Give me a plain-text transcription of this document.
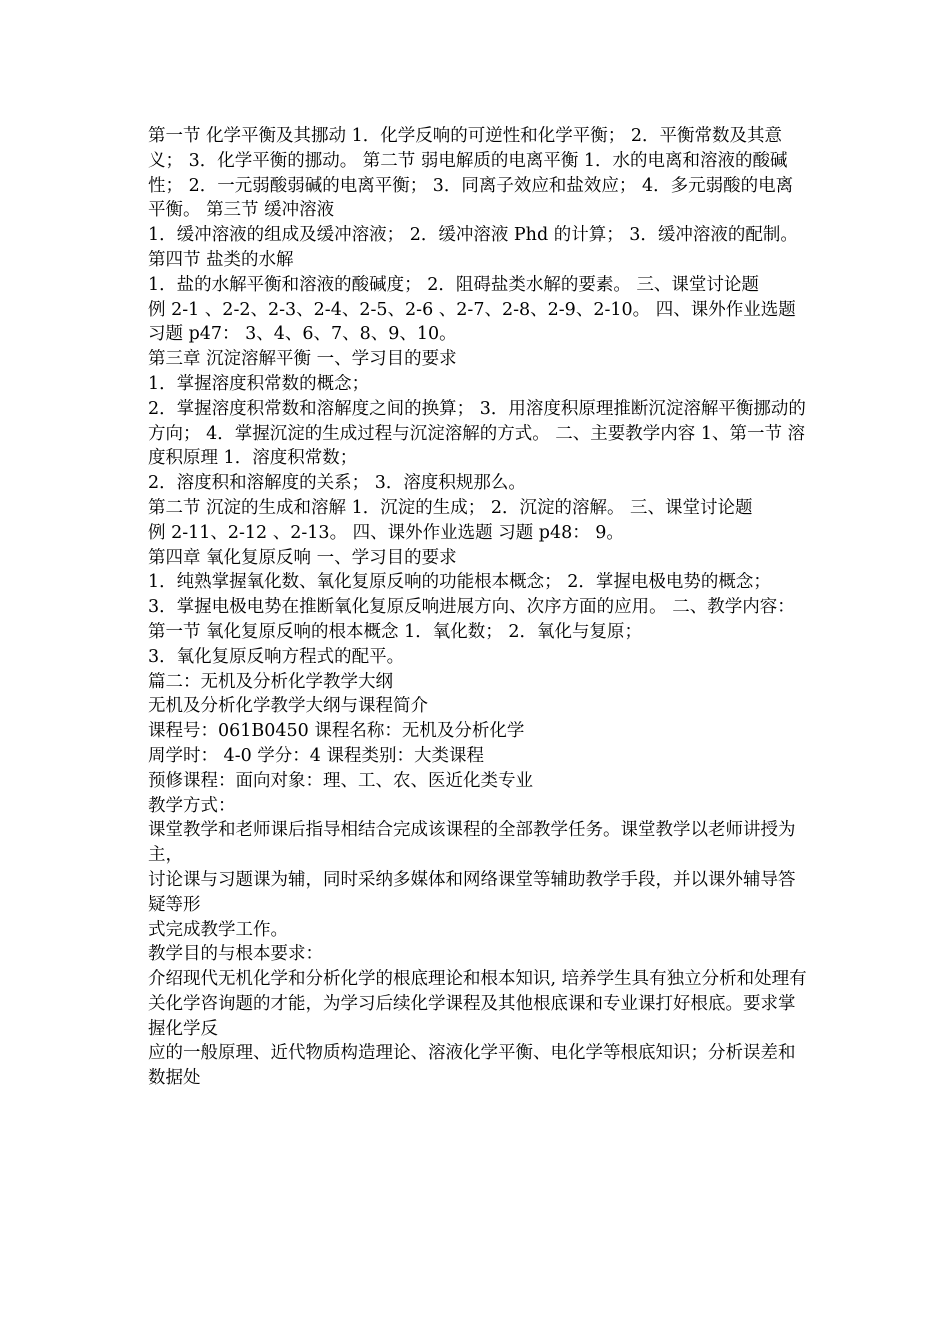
第一节 化学平衡及其挪动 1．化学反响的可逆性和化学平衡； 2．平衡常数及其意义； 3．化学平衡的挪动。 第二节 弱电解质的电离平衡 1．水的电离和溶液的酸碱性； 2．一元弱酸弱碱的电离平衡； 3．同离子效应和盐效应； 4．多元弱酸的电离平衡。 第三节 缓冲溶液

1．缓冲溶液的组成及缓冲溶液； 2．缓冲溶液 Phd 的计算； 3．缓冲溶液的配制。 第四节 盐类的水解

1．盐的水解平衡和溶液的酸碱度； 2．阻碍盐类水解的要素。 三、课堂讨论题

例 2-1 、2-2、2-3、2-4、2-5、2-6 、2-7、2-8、2-9、2-10。 四、课外作业选题 习题 p47： 3、4、6、7、8、9、10。

第三章 沉淀溶解平衡 一、学习目的要求

1．掌握溶度积常数的概念；

2．掌握溶度积常数和溶解度之间的换算； 3．用溶度积原理推断沉淀溶解平衡挪动的方向； 4．掌握沉淀的生成过程与沉淀溶解的方式。 二、主要教学内容 1、第一节 溶度积原理 1．溶度积常数；

2．溶度积和溶解度的关系； 3．溶度积规那么。

第二节 沉淀的生成和溶解 1．沉淀的生成； 2．沉淀的溶解。 三、课堂讨论题

例 2-11、2-12 、2-13。 四、课外作业选题 习题 p48： 9。

第四章 氧化复原反响 一、学习目的要求

1．纯熟掌握氧化数、氧化复原反响的功能根本概念； 2．掌握电极电势的概念；

3．掌握电极电势在推断氧化复原反响进展方向、次序方面的应用。 二、教学内容：

第一节 氧化复原反响的根本概念 1．氧化数； 2．氧化与复原；

3．氧化复原反响方程式的配平。

篇二：无机及分析化学教学大纲

无机及分析化学教学大纲与课程简介

课程号：061B0450 课程名称：无机及分析化学

周学时： 4-0 学分：4 课程类别：大类课程

预修课程：面向对象：理、工、农、医近化类专业

教学方式：

课堂教学和老师课后指导相结合完成该课程的全部教学任务。课堂教学以老师讲授为主，

讨论课与习题课为辅，同时采纳多媒体和网络课堂等辅助教学手段，并以课外辅导答疑等形

式完成教学工作。

教学目的与根本要求：

介绍现代无机化学和分析化学的根底理论和根本知识, 培养学生具有独立分析和处理有

关化学咨询题的才能，为学习后续化学课程及其他根底课和专业课打好根底。要求掌握化学反

应的一般原理、近代物质构造理论、溶液化学平衡、电化学等根底知识；分析误差和数据处
